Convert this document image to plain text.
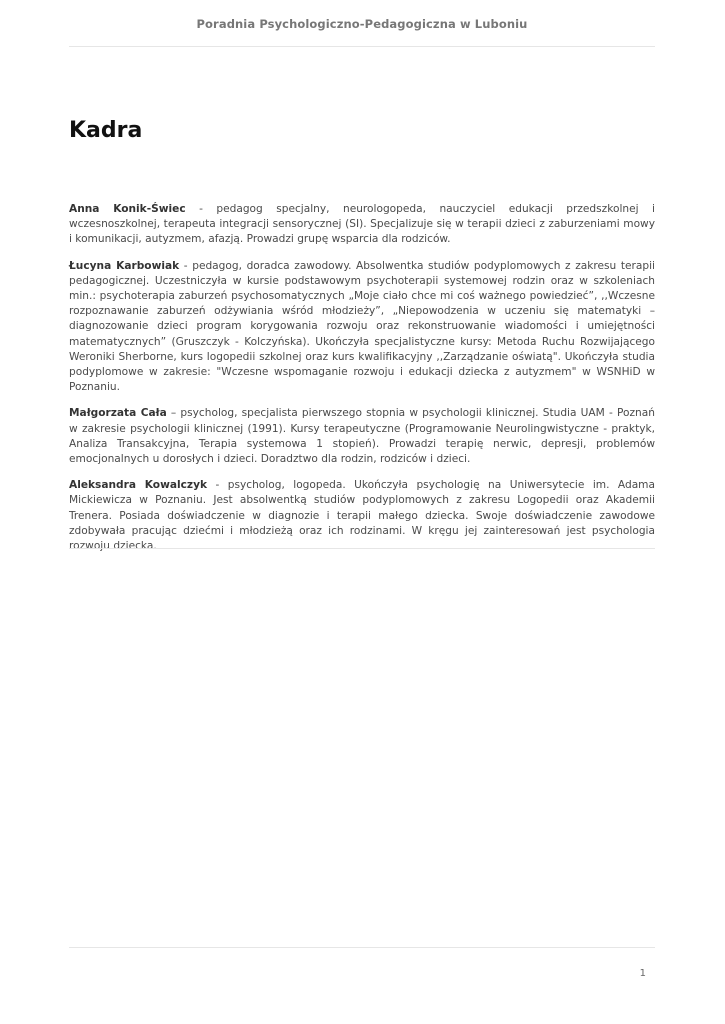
Poradnia Psychologiczno-Pedagogiczna w Luboniu
Kadra

Anna Konik-Świec - pedagog specjalny, neurologopeda, nauczyciel edukacji przedszkolnej i wczesnoszkolnej, terapeuta integracji sensorycznej (SI). Specjalizuje się w terapii dzieci z zaburzeniami mowy i komunikacji, autyzmem, afazją. Prowadzi grupę wsparcia dla rodziców.

Łucyna Karbowiak - pedagog, doradca zawodowy. Absolwentka studiów podyplomowych z zakresu terapii pedagogicznej. Uczestniczyła w kursie podstawowym psychoterapii systemowej rodzin oraz w szkoleniach min.: psychoterapia zaburzeń psychosomatycznych „Moje ciało chce mi coś ważnego powiedzieć”, ,,Wczesne rozpoznawanie zaburzeń odżywiania wśród młodzieży”, „Niepowodzenia w uczeniu się matematyki – diagnozowanie dzieci program korygowania rozwoju oraz rekonstruowanie wiadomości i umiejętności matematycznych” (Gruszczyk - Kolczyńska). Ukończyła specjalistyczne kursy: Metoda Ruchu Rozwijającego Weroniki Sherborne, kurs logopedii szkolnej oraz kurs kwalifikacyjny ,,Zarządzanie oświatą". Ukończyła studia podyplomowe w zakresie: "Wczesne wspomaganie rozwoju i edukacji dziecka z autyzmem" w WSNHiD w Poznaniu.

Małgorzata Cała – psycholog, specjalista pierwszego stopnia w psychologii klinicznej. Studia UAM - Poznań w zakresie psychologii klinicznej (1991). Kursy terapeutyczne (Programowanie Neurolingwistyczne - praktyk, Analiza Transakcyjna, Terapia systemowa 1 stopień). Prowadzi terapię nerwic, depresji, problemów emocjonalnych u dorosłych i dzieci. Doradztwo dla rodzin, rodziców i dzieci.

Aleksandra Kowalczyk - psycholog, logopeda. Ukończyła psychologię na Uniwersytecie im. Adama Mickiewicza w Poznaniu. Jest absolwentką studiów podyplomowych z zakresu Logopedii oraz Akademii Trenera. Posiada doświadczenie w diagnozie i terapii małego dziecka. Swoje doświadczenie zawodowe zdobywała pracując dziećmi i młodzieżą oraz ich rodzinami. W kręgu jej zainteresowań jest psychologia rozwoju dziecka.

1
